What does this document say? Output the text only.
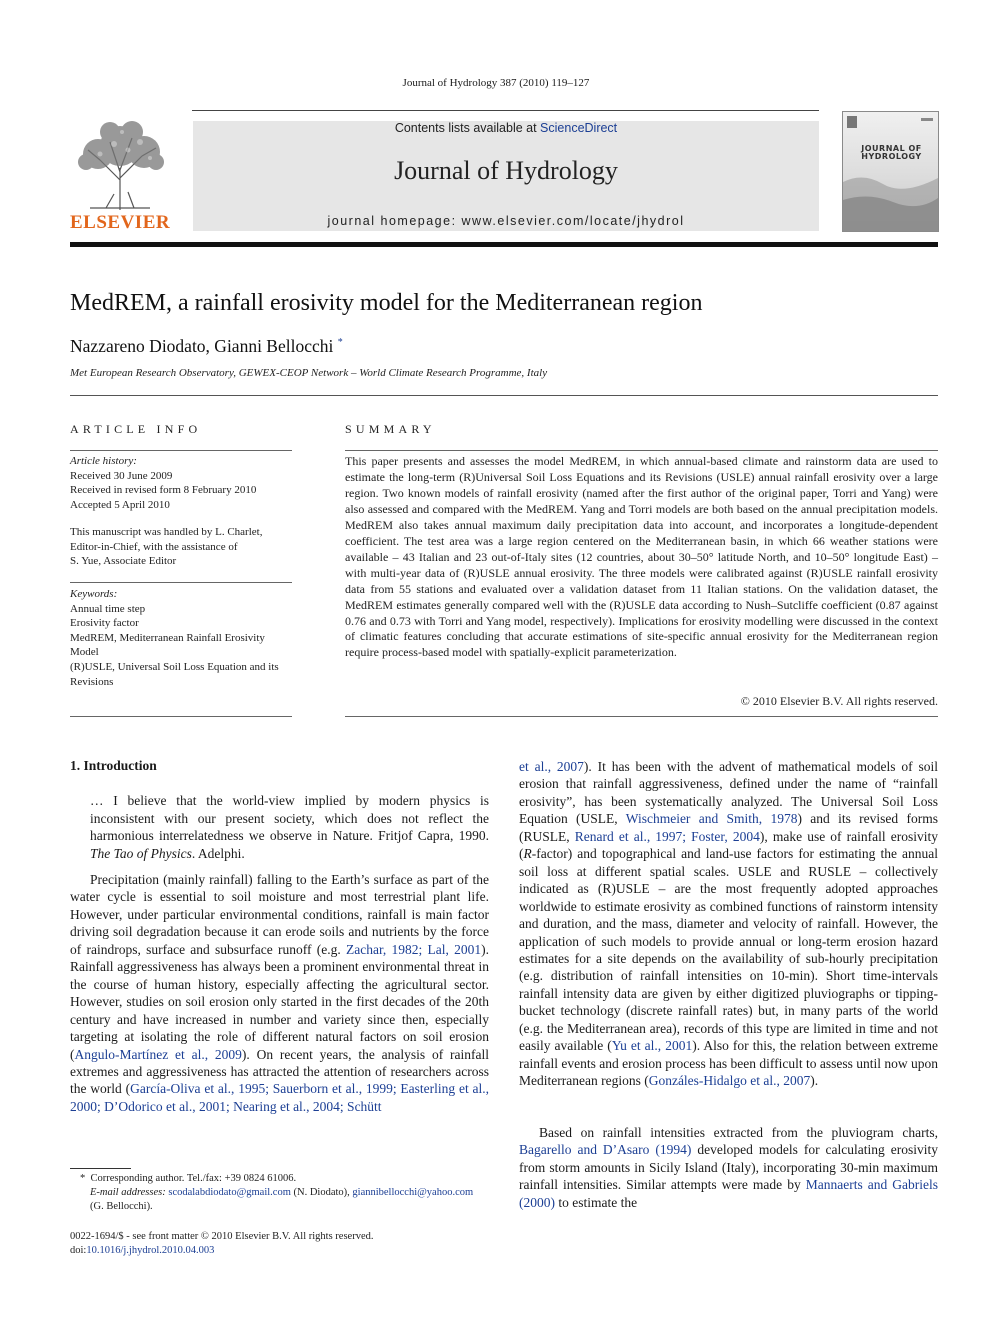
Journal of Hydrology 387 (2010) 119–127
ELSEVIER
Contents lists available at ScienceDirect
Journal of Hydrology
journal homepage: www.elsevier.com/locate/jhydrol
JOURNAL OF
HYDROLOGY
MedREM, a rainfall erosivity model for the Mediterranean region
Nazzareno Diodato, Gianni Bellocchi *
Met European Research Observatory, GEWEX-CEOP Network – World Climate Research Programme, Italy
ARTICLE INFO
Article history:
Received 30 June 2009
Received in revised form 8 February 2010
Accepted 5 April 2010
This manuscript was handled by L. Charlet,
Editor-in-Chief, with the assistance of
S. Yue, Associate Editor
Keywords:
Annual time step
Erosivity factor
MedREM, Mediterranean Rainfall Erosivity
Model
(R)USLE, Universal Soil Loss Equation and its
Revisions
SUMMARY
This paper presents and assesses the model MedREM, in which annual-based climate and rainstorm data are used to estimate the long-term (R)Universal Soil Loss Equations and its Revisions (USLE) annual rainfall erosivity over a large region. Two known models of rainfall erosivity (named after the first author of the original paper, Torri and Yang) were also assessed and compared with the MedREM. Yang and Torri models are both based on the annual precipitation models. MedREM also takes annual maximum daily precipitation data into account, and incorporates a longitude-dependent coefficient. The test area was a large region centered on the Mediterranean basin, in which 66 weather stations were available – 43 Italian and 23 out-of-Italy sites (12 countries, about 30–50° latitude North, and 10–50° longitude East) – with multi-year data of (R)USLE annual erosivity. The three models were calibrated against (R)USLE rainfall erosivity data from 55 stations and evaluated over a validation dataset from 11 Italian stations. On the validation dataset, the MedREM estimates generally compared well with the (R)USLE data according to Nush–Sutcliffe coefficient (0.87 against 0.76 and 0.73 with Torri and Yang model, respectively). Implications for erosivity modelling were discussed in the context of climatic features concluding that accurate estimations of site-specific annual erosivity for the Mediterranean region require process-based model with spatially-explicit parameterization.
© 2010 Elsevier B.V. All rights reserved.
1. Introduction
… I believe that the world-view implied by modern physics is inconsistent with our present society, which does not reflect the harmonious interrelatedness we observe in Nature. Fritjof Capra, 1990. The Tao of Physics. Adelphi.
Precipitation (mainly rainfall) falling to the Earth’s surface as part of the water cycle is essential to soil moisture and most terrestrial plant life. However, under particular environmental conditions, rainfall is main factor driving soil degradation because it can erode soils and nutrients by the force of raindrops, surface and subsurface runoff (e.g. Zachar, 1982; Lal, 2001). Rainfall aggressiveness has always been a prominent environmental threat in the course of human history, especially affecting the agricultural sector. However, studies on soil erosion only started in the first decades of the 20th century and have increased in number and variety since then, especially targeting at isolating the role of different natural factors on soil erosion (Angulo-Martínez et al., 2009). On recent years, the analysis of rainfall extremes and aggressiveness has attracted the attention of researchers across the world (García-Oliva et al., 1995; Sauerborn et al., 1999; Easterling et al., 2000; D’Odorico et al., 2001; Nearing et al., 2004; Schütt
et al., 2007). It has been with the advent of mathematical models of soil erosion that rainfall aggressiveness, defined under the name of “rainfall erosivity”, has been systematically analyzed. The Universal Soil Loss Equation (USLE, Wischmeier and Smith, 1978) and its revised forms (RUSLE, Renard et al., 1997; Foster, 2004), make use of rainfall erosivity (R-factor) and topographical and land-use factors for estimating the annual soil loss at different spatial scales. USLE and RUSLE – collectively indicated as (R)USLE – are the most frequently adopted approaches worldwide to estimate erosivity as combined functions of rainstorm intensity and duration, and the mass, diameter and velocity of rainfall. However, the application of such models to provide annual or long-term erosion hazard estimates for a site depends on the availability of sub-hourly precipitation (e.g. distribution of rainfall intensities on 10-min). Short time-intervals rainfall intensity data are given by either digitized pluviographs or tipping-bucket technology (discrete rainfall rates) but, in many parts of the world (e.g. the Mediterranean area), records of this type are limited in time and not easily available (Yu et al., 2001). Also for this, the relation between extreme rainfall events and erosion process has been difficult to assess until now upon Mediterranean regions (Gonzáles-Hidalgo et al., 2007).
Based on rainfall intensities extracted from the pluviogram charts, Bagarello and D’Asaro (1994) developed models for calculating erosivity from storm amounts in Sicily Island (Italy), incorporating 30-min maximum rainfall intensities. Similar attempts were made by Mannaerts and Gabriels (2000) to estimate the
* Corresponding author. Tel./fax: +39 0824 61006.
E-mail addresses: scodalabdiodato@gmail.com (N. Diodato), giannibellocchi@yahoo.com (G. Bellocchi).
0022-1694/$ - see front matter © 2010 Elsevier B.V. All rights reserved.
doi:10.1016/j.jhydrol.2010.04.003
